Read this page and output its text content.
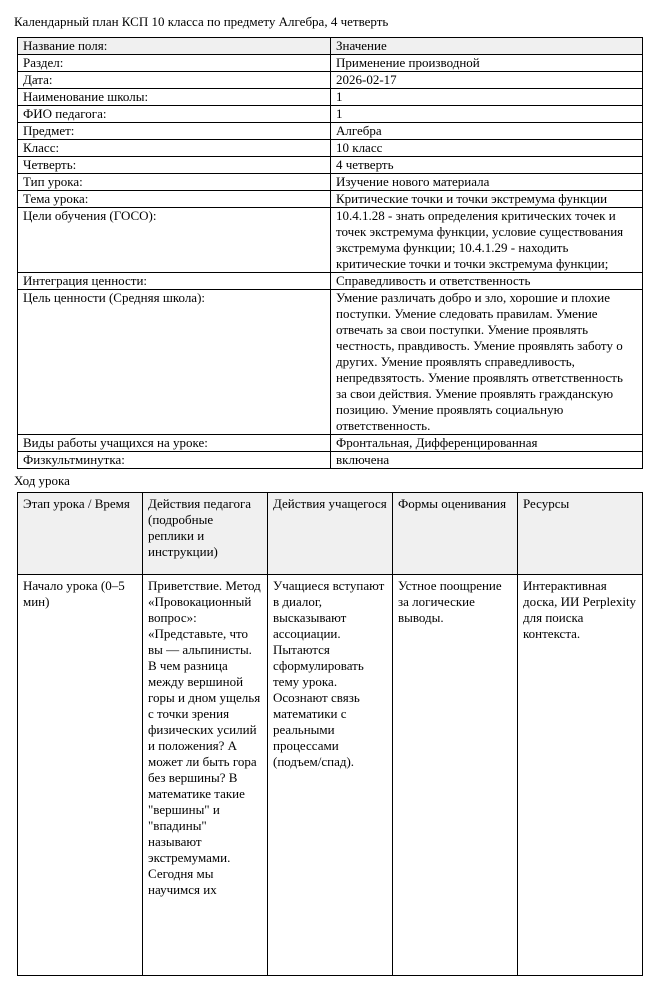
Календарный план КСП 10 класса по предмету Алгебра, 4 четверть
Название поля:	Значение
Раздел:	Применение производной
Дата:	2026-02-17
Наименование школы:	1
ФИО педагога:	1
Предмет:	Алгебра
Класс:	10 класс
Четверть:	4 четверть
Тип урока:	Изучение нового материала
Тема урока:	Критические точки и точки экстремума функции
Цели обучения (ГОСО):	10.4.1.28 - знать определения критических точек и точек экстремума функции, условие существования экстремума функции; 10.4.1.29 - находить критические точки и точки экстремума функции;
Интеграция ценности:	Справедливость и ответственность
Цель ценности (Средняя школа):	Умение различать добро и зло, хорошие и плохие поступки. Умение следовать правилам. Умение отвечать за свои поступки. Умение проявлять честность, правдивость. Умение проявлять заботу о других. Умение проявлять справедливость, непредвзятость. Умение проявлять ответственность за свои действия. Умение проявлять гражданскую позицию. Умение проявлять социальную ответственность.
Виды работы учащихся на уроке:	Фронтальная, Дифференцированная
Физкультминутка:	включена
Ход урока
Этап урока / Время	Действия педагога (подробные реплики и инструкции)	Действия учащегося	Формы оценивания	Ресурсы
Начало урока (0–5 мин)	Приветствие. Метод «Провокационный вопрос»: «Представьте, что вы — альпинисты. В чем разница между вершиной горы и дном ущелья с точки зрения физических усилий и положения? А может ли быть гора без вершины? В математике такие "вершины" и "впадины" называют экстремумами. Сегодня мы научимся их	Учащиеся вступают в диалог, высказывают ассоциации. Пытаются сформулировать тему урока. Осознают связь математики с реальными процессами (подъем/спад).	Устное поощрение за логические выводы.	Интерактивная доска, ИИ Perplexity для поиска контекста.
